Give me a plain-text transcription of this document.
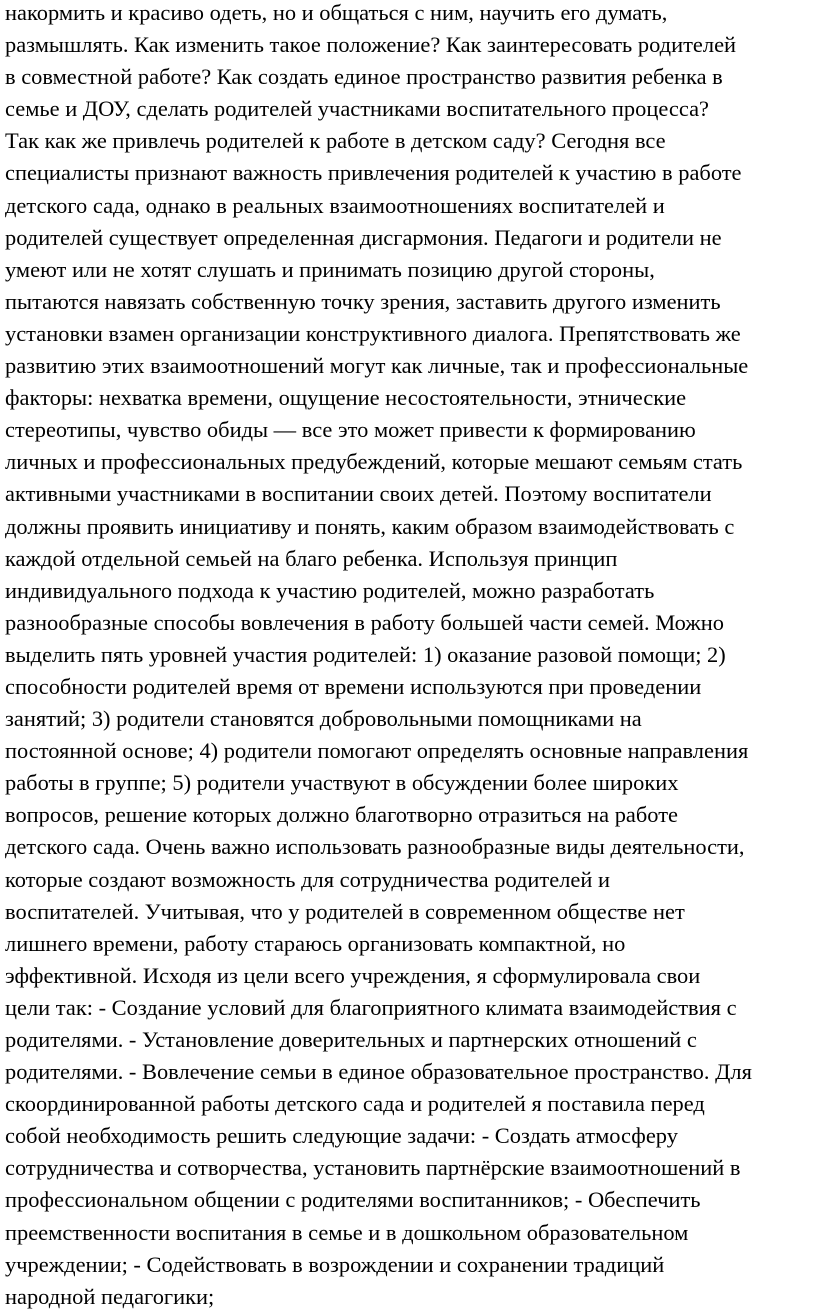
накормить и красиво одеть, но и общаться с ним, научить его думать,
размышлять. Как изменить такое положение? Как заинтересовать родителей
в совместной работе? Как создать единое пространство развития ребенка в
семье и ДОУ, сделать родителей участниками воспитательного процесса?
Так как же привлечь родителей к работе в детском саду? Сегодня все
специалисты признают важность привлечения родителей к участию в работе
детского сада, однако в реальных взаимоотношениях воспитателей и
родителей существует определенная дисгармония. Педагоги и родители не
умеют или не хотят слушать и принимать позицию другой стороны,
пытаются навязать собственную точку зрения, заставить другого изменить
установки взамен организации конструктивного диалога. Препятствовать же
развитию этих взаимоотношений могут как личные, так и профессиональные
факторы: нехватка времени, ощущение несостоятельности, этнические
стереотипы, чувство обиды — все это может привести к формированию
личных и профессиональных предубеждений, которые мешают семьям стать
активными участниками в воспитании своих детей. Поэтому воспитатели
должны проявить инициативу и понять, каким образом взаимодействовать с
каждой отдельной семьей на благо ребенка. Используя принцип
индивидуального подхода к участию родителей, можно разработать
разнообразные способы вовлечения в работу большей части семей. Можно
выделить пять уровней участия родителей: 1) оказание разовой помощи; 2)
способности родителей время от времени используются при проведении
занятий; 3) родители становятся добровольными помощниками на
постоянной основе; 4) родители помогают определять основные направления
работы в группе; 5) родители участвуют в обсуждении более широких
вопросов, решение которых должно благотворно отразиться на работе
детского сада. Очень важно использовать разнообразные виды деятельности,
которые создают возможность для сотрудничества родителей и
воспитателей. Учитывая, что у родителей в современном обществе нет
лишнего времени, работу стараюсь организовать компактной, но
эффективной. Исходя из цели всего учреждения, я сформулировала свои
цели так: - Создание условий для благоприятного климата взаимодействия с
родителями. - Установление доверительных и партнерских отношений с
родителями. - Вовлечение семьи в единое образовательное пространство. Для
скоординированной работы детского сада и родителей я поставила перед
собой необходимость решить следующие задачи: - Создать атмосферу
сотрудничества и сотворчества, установить партнёрские взаимоотношений в
профессиональном общении с родителями воспитанников; - Обеспечить
преемственности воспитания в семье и в дошкольном образовательном
учреждении; - Содействовать в возрождении и сохранении традиций
народной педагогики;
